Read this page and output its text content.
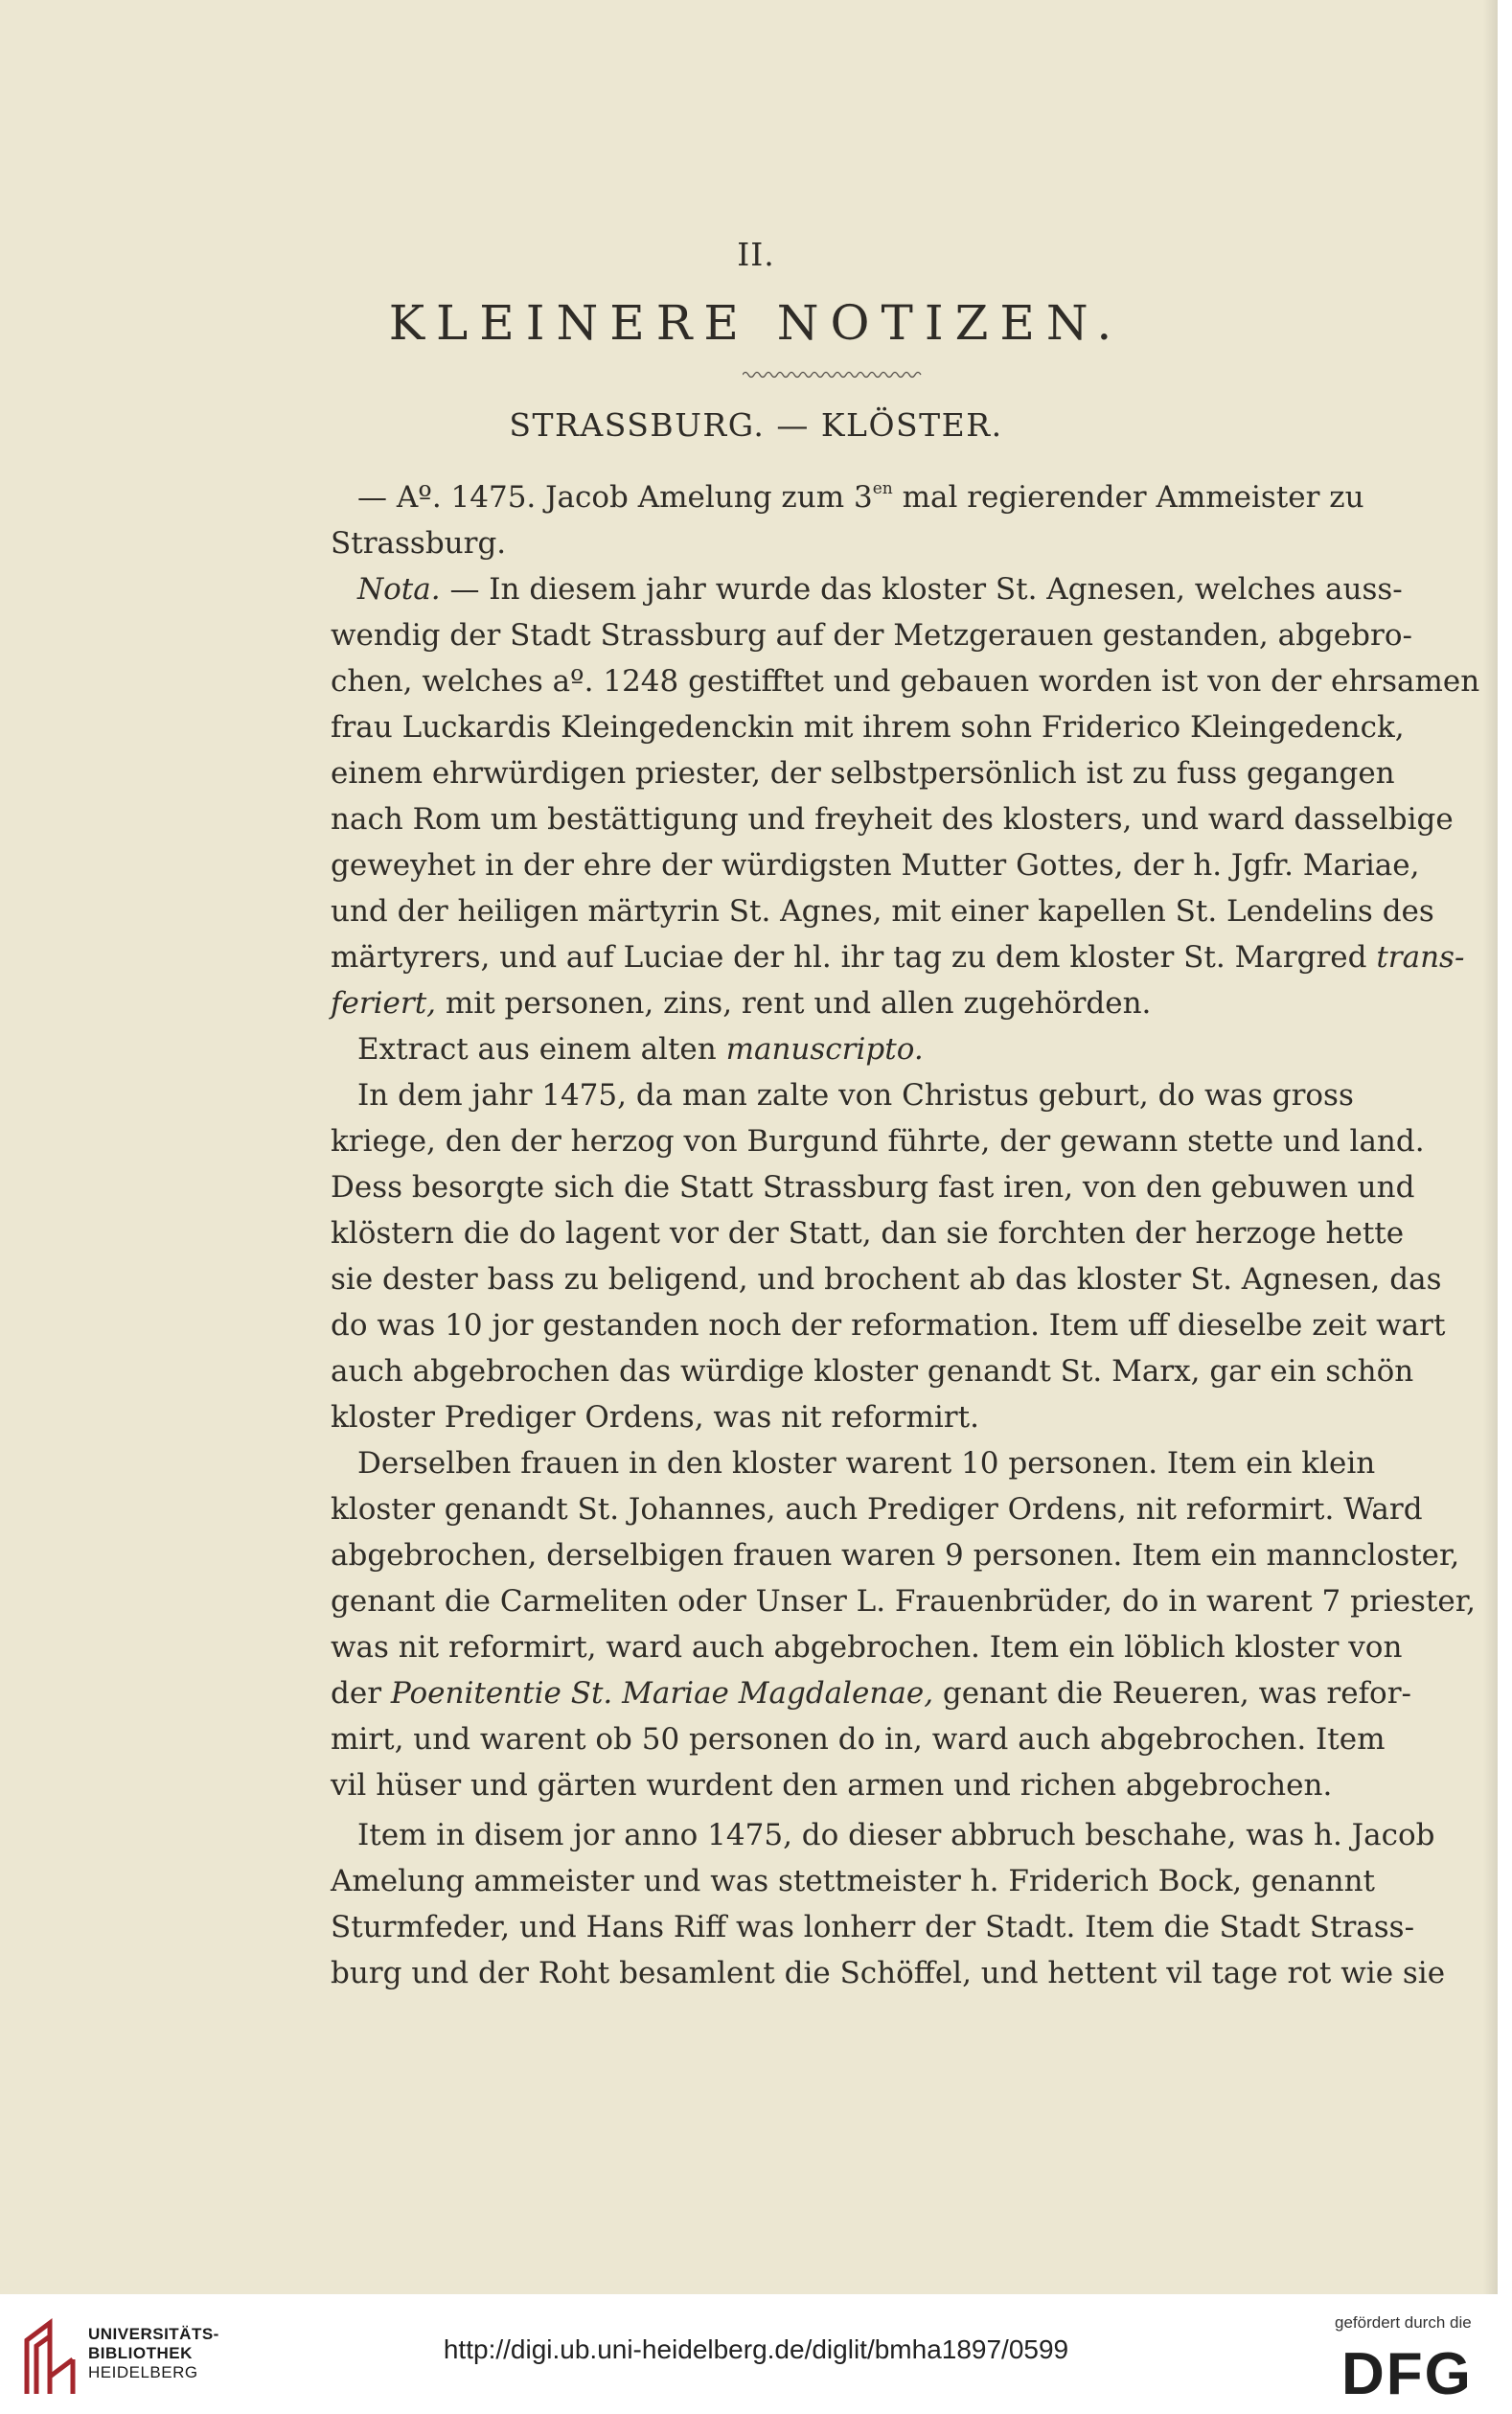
II.
KLEINERE NOTIZEN.
STRASSBURG. — KLÖSTER.
— Aº. 1475. Jacob Amelung zum $3^{en}$ mal regierender Ammeister zu
Strassburg.
Nota. — In diesem jahr wurde das kloster St. Agnesen, welches auss-
wendig der Stadt Strassburg auf der Metzgerauen gestanden, abgebro-
chen, welches aº. 1248 gestifftet und gebauen worden ist von der ehrsamen
frau Luckardis Kleingedenckin mit ihrem sohn Friderico Kleingedenck,
einem ehrwürdigen priester, der selbstpersönlich ist zu fuss gegangen
nach Rom um bestättigung und freyheit des klosters, und ward dasselbige
geweyhet in der ehre der würdigsten Mutter Gottes, der h. Jgfr. Mariae,
und der heiligen märtyrin St. Agnes, mit einer kapellen St. Lendelins des
märtyrers, und auf Luciae der hl. ihr tag zu dem kloster St. Margred trans-
feriert, mit personen, zins, rent und allen zugehörden.
Extract aus einem alten manuscripto.
In dem jahr 1475, da man zalte von Christus geburt, do was gross
kriege, den der herzog von Burgund führte, der gewann stette und land.
Dess besorgte sich die Statt Strassburg fast iren, von den gebuwen und
klöstern die do lagent vor der Statt, dan sie forchten der herzoge hette
sie dester bass zu beligend, und brochent ab das kloster St. Agnesen, das
do was 10 jor gestanden noch der reformation. Item uff dieselbe zeit wart
auch abgebrochen das würdige kloster genandt St. Marx, gar ein schön
kloster Prediger Ordens, was nit reformirt.
Derselben frauen in den kloster warent 10 personen. Item ein klein
kloster genandt St. Johannes, auch Prediger Ordens, nit reformirt. Ward
abgebrochen, derselbigen frauen waren 9 personen. Item ein manncloster,
genant die Carmeliten oder Unser L. Frauenbrüder, do in warent 7 priester,
was nit reformirt, ward auch abgebrochen. Item ein löblich kloster von
der Poenitentie St. Mariae Magdalenae, genant die Reueren, was refor-
mirt, und warent ob 50 personen do in, ward auch abgebrochen. Item
vil hüser und gärten wurdent den armen und richen abgebrochen.
Item in disem jor anno 1475, do dieser abbruch beschahe, was h. Jacob
Amelung ammeister und was stettmeister h. Friderich Bock, genannt
Sturmfeder, und Hans Riff was lonherr der Stadt. Item die Stadt Strass-
burg und der Roht besamlent die Schöffel, und hettent vil tage rot wie sie
UNIVERSITÄTS-
BIBLIOTHEK
HEIDELBERG
http://digi.ub.uni-heidelberg.de/diglit/bmha1897/0599
gefördert durch die
DFG
